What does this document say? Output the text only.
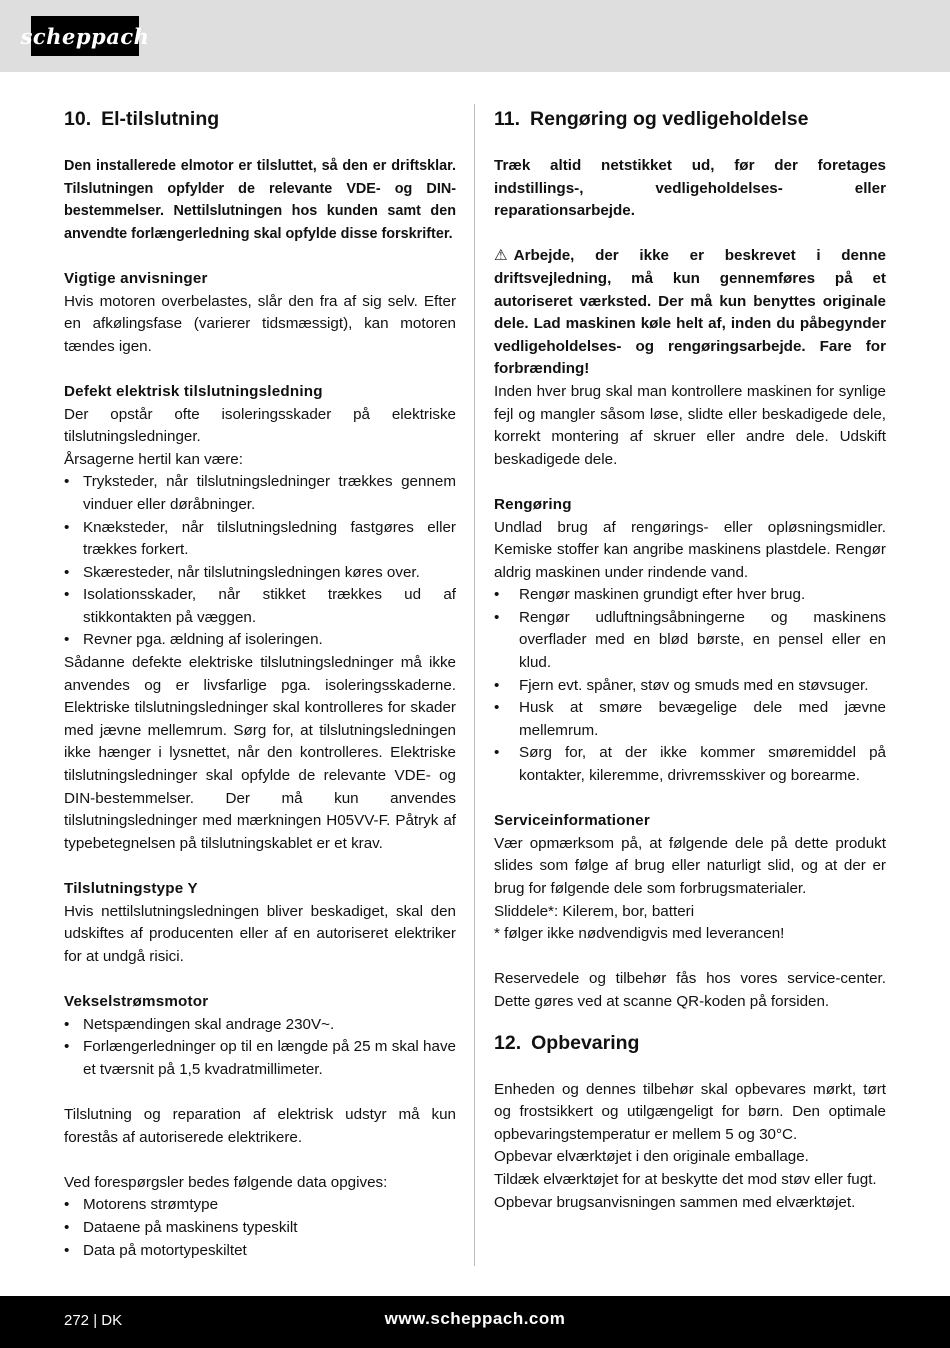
scheppach
10. El-tilslutning

Den installerede elmotor er tilsluttet, så den er driftsklar. Tilslutningen opfylder de relevante VDE- og DIN-bestemmelser. Nettilslutningen hos kunden samt den anvendte forlængerledning skal opfylde disse forskrifter.

Vigtige anvisninger

Hvis motoren overbelastes, slår den fra af sig selv. Efter en afkølingsfase (varierer tidsmæssigt), kan motoren tændes igen.

Defekt elektrisk tilslutningsledning

Der opstår ofte isoleringsskader på elektriske tilslutningsledninger.

Årsagerne hertil kan være:

• Tryksteder, når tilslutningsledninger trækkes gennem vinduer eller døråbninger.
• Knæksteder, når tilslutningsledning fastgøres eller trækkes forkert.
• Skæresteder, når tilslutningsledningen køres over.
• Isolationsskader, når stikket trækkes ud af stikkontakten på væggen.
• Revner pga. ældning af isoleringen.

Sådanne defekte elektriske tilslutningsledninger må ikke anvendes og er livsfarlige pga. isoleringsskaderne. Elektriske tilslutningsledninger skal kontrolleres for skader med jævne mellemrum. Sørg for, at tilslutningsledningen ikke hænger i lysnettet, når den kontrolleres. Elektriske tilslutningsledninger skal opfylde de relevante VDE- og DIN-bestemmelser. Der må kun anvendes tilslutningsledninger med mærkningen H05VV-F. Påtryk af typebetegnelsen på tilslutningskablet er et krav.

Tilslutningstype Y

Hvis nettilslutningsledningen bliver beskadiget, skal den udskiftes af producenten eller af en autoriseret elektriker for at undgå risici.

Vekselstrømsmotor
• Netspændingen skal andrage 230V~.
• Forlængerledninger op til en længde på 25 m skal have et tværsnit på 1,5 kvadratmillimeter.

Tilslutning og reparation af elektrisk udstyr må kun forestås af autoriserede elektrikere.

Ved forespørgsler bedes følgende data opgives:

• Motorens strømtype
• Dataene på maskinens typeskilt
• Data på motortypeskiltet
11. Rengøring og vedligeholdelse

Træk altid netstikket ud, før der foretages indstillings-, vedligeholdelses- eller reparationsarbejde.

⚠ Arbejde, der ikke er beskrevet i denne driftsvejledning, må kun gennemføres på et autoriseret værksted. Der må kun benyttes originale dele. Lad maskinen køle helt af, inden du påbegynder vedligeholdelses- og rengøringsarbejde. Fare for forbrænding!

Inden hver brug skal man kontrollere maskinen for synlige fejl og mangler såsom løse, slidte eller beskadigede dele, korrekt montering af skruer eller andre dele. Udskift beskadigede dele.

Rengøring

Undlad brug af rengørings- eller opløsningsmidler. Kemiske stoffer kan angribe maskinens plastdele. Rengør aldrig maskinen under rindende vand.

• Rengør maskinen grundigt efter hver brug.
• Rengør udluftningsåbningerne og maskinens overflader med en blød børste, en pensel eller en klud.
• Fjern evt. spåner, støv og smuds med en støvsuger.
• Husk at smøre bevægelige dele med jævne mellemrum.
• Sørg for, at der ikke kommer smøremiddel på kontakter, kileremme, drivremsskiver og borearme.
Serviceinformationer

Vær opmærksom på, at følgende dele på dette produkt slides som følge af brug eller naturligt slid, og at der er brug for følgende dele som forbrugsmaterialer.

Sliddele*: Kilerem, bor, batteri

* følger ikke nødvendigvis med leverancen!

Reservedele og tilbehør fås hos vores service-center. Dette gøres ved at scanne QR-koden på forsiden.

12. Opbevaring

Enheden og dennes tilbehør skal opbevares mørkt, tørt og frostsikkert og utilgængeligt for børn. Den optimale opbevaringstemperatur er mellem 5 og 30°C.

Opbevar elværktøjet i den originale emballage.

Tildæk elværktøjet for at beskytte det mod støv eller fugt.

Opbevar brugsanvisningen sammen med elværktøjet.

272 | DK	www.scheppach.com
